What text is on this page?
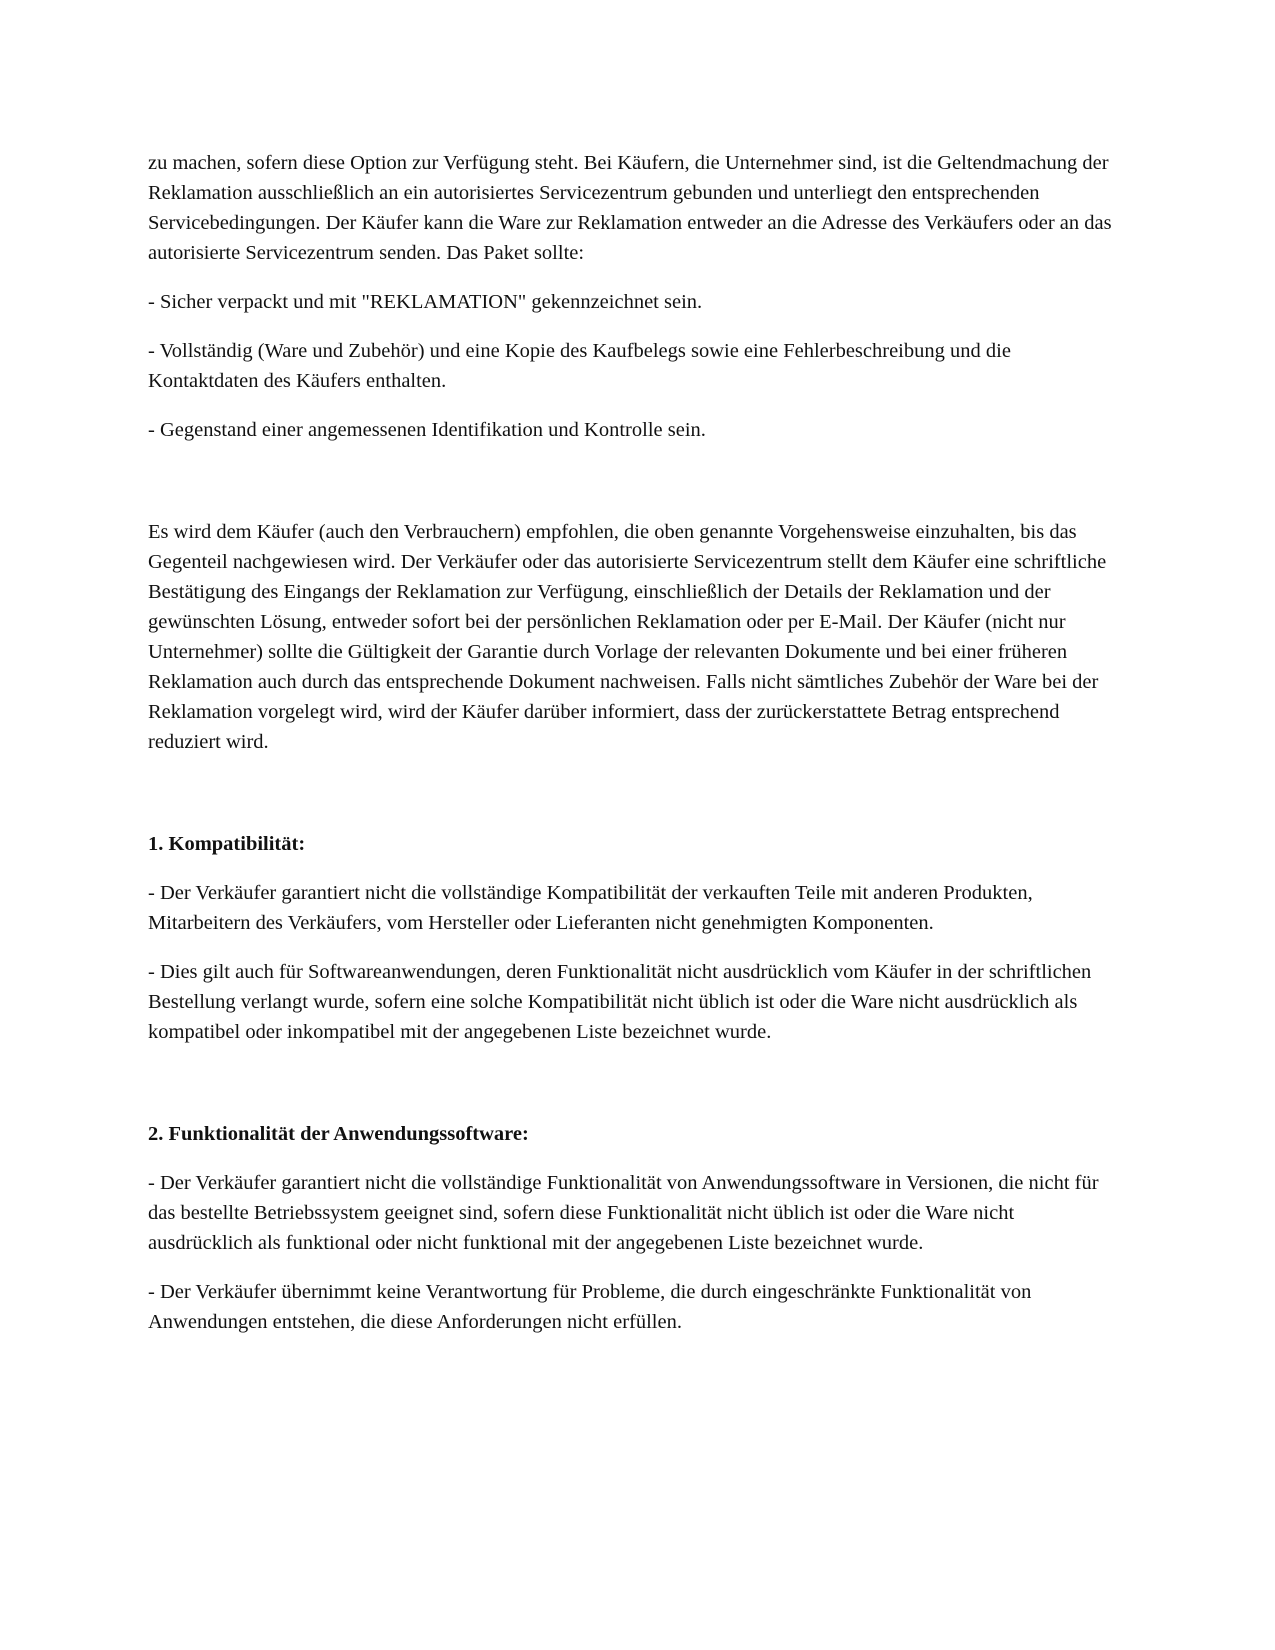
zu machen, sofern diese Option zur Verfügung steht. Bei Käufern, die Unternehmer sind, ist die Geltendmachung der Reklamation ausschließlich an ein autorisiertes Servicezentrum gebunden und unterliegt den entsprechenden Servicebedingungen. Der Käufer kann die Ware zur Reklamation entweder an die Adresse des Verkäufers oder an das autorisierte Servicezentrum senden. Das Paket sollte:

- Sicher verpackt und mit "REKLAMATION" gekennzeichnet sein.

- Vollständig (Ware und Zubehör) und eine Kopie des Kaufbelegs sowie eine Fehlerbeschreibung und die Kontaktdaten des Käufers enthalten.

- Gegenstand einer angemessenen Identifikation und Kontrolle sein.

Es wird dem Käufer (auch den Verbrauchern) empfohlen, die oben genannte Vorgehensweise einzuhalten, bis das Gegenteil nachgewiesen wird. Der Verkäufer oder das autorisierte Servicezentrum stellt dem Käufer eine schriftliche Bestätigung des Eingangs der Reklamation zur Verfügung, einschließlich der Details der Reklamation und der gewünschten Lösung, entweder sofort bei der persönlichen Reklamation oder per E-Mail. Der Käufer (nicht nur Unternehmer) sollte die Gültigkeit der Garantie durch Vorlage der relevanten Dokumente und bei einer früheren Reklamation auch durch das entsprechende Dokument nachweisen. Falls nicht sämtliches Zubehör der Ware bei der Reklamation vorgelegt wird, wird der Käufer darüber informiert, dass der zurückerstattete Betrag entsprechend reduziert wird.

1. Kompatibilität:

- Der Verkäufer garantiert nicht die vollständige Kompatibilität der verkauften Teile mit anderen Produkten, Mitarbeitern des Verkäufers, vom Hersteller oder Lieferanten nicht genehmigten Komponenten.

- Dies gilt auch für Softwareanwendungen, deren Funktionalität nicht ausdrücklich vom Käufer in der schriftlichen Bestellung verlangt wurde, sofern eine solche Kompatibilität nicht üblich ist oder die Ware nicht ausdrücklich als kompatibel oder inkompatibel mit der angegebenen Liste bezeichnet wurde.

2. Funktionalität der Anwendungssoftware:

- Der Verkäufer garantiert nicht die vollständige Funktionalität von Anwendungssoftware in Versionen, die nicht für das bestellte Betriebssystem geeignet sind, sofern diese Funktionalität nicht üblich ist oder die Ware nicht ausdrücklich als funktional oder nicht funktional mit der angegebenen Liste bezeichnet wurde.

- Der Verkäufer übernimmt keine Verantwortung für Probleme, die durch eingeschränkte Funktionalität von Anwendungen entstehen, die diese Anforderungen nicht erfüllen.
